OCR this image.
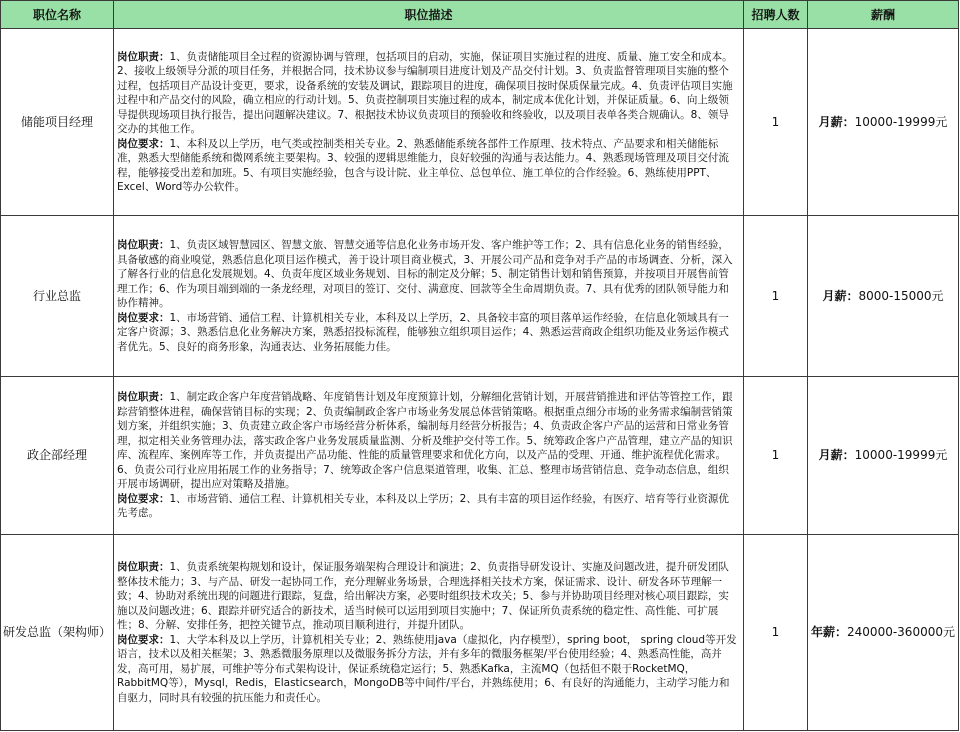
职位名称	职位描述	招聘人数	薪酬
储能项目经理	岗位职责：1、负责储能项目全过程的资源协调与管理，包括项目的启动，实施，保证项目实施过程的进度、质量、施工安全和成本。2、接收上级领导分派的项目任务，并根据合同，技术协议参与编制项目进度计划及产品交付计划。3、负责监督管理项目实施的整个过程，包括项目产品设计变更，要求，设备系统的安装及调试，跟踪项目的进度，确保项目按时保质保量完成。4、负责评估项目实施过程中和产品交付的风险，确立相应的行动计划。5、负责控制项目实施过程的成本，制定成本优化计划，并保证质量。6、向上级领导提供现场项目执行报告，提出问题解决建议。7、根据技术协议负责项目的预验收和终验收，以及项目表单各类合规确认。8、领导交办的其他工作。
岗位要求：1、本科及以上学历，电气类或控制类相关专业。2、熟悉储能系统各部件工作原理、技术特点、产品要求和相关储能标准，熟悉大型储能系统和微网系统主要架构。3、较强的逻辑思维能力，良好较强的沟通与表达能力。4、熟悉现场管理及项目交付流程，能够接受出差和加班。5、有项目实施经验，包含与设计院、业主单位、总包单位、施工单位的合作经验。6、熟练使用PPT、Excel、Word等办公软件。	1	月薪：10000-19999元
行业总监	岗位职责：1、负责区域智慧园区、智慧文旅、智慧交通等信息化业务市场开发、客户维护等工作；2、具有信息化业务的销售经验，具备敏感的商业嗅觉，熟悉信息化项目运作模式，善于设计项目商业模式，3、开展公司产品和竞争对手产品的市场调查、分析，深入了解各行业的信息化发展规划。4、负责年度区域业务规划、目标的制定及分解；5、制定销售计划和销售预算，并按项目开展售前管理工作；6、作为项目端到端的一条龙经理，对项目的签订、交付、满意度、回款等全生命周期负责。7、具有优秀的团队领导能力和协作精神。
岗位要求：1、市场营销、通信工程、计算机相关专业，本科及以上学历，2、具备较丰富的项目落单运作经验，在信息化领域具有一定客户资源；3、熟悉信息化业务解决方案，熟悉招投标流程，能够独立组织项目运作；4、熟悉运营商政企组织功能及业务运作模式者优先。5、良好的商务形象，沟通表达、业务拓展能力佳。	1	月薪：8000-15000元
政企部经理	岗位职责：1、制定政企客户年度营销战略、年度销售计划及年度预算计划，分解细化营销计划，开展营销推进和评估等管控工作，跟踪营销整体进程，确保营销目标的实现；2、负责编制政企客户市场业务发展总体营销策略。根据重点细分市场的业务需求编制营销策划方案，并组织实施；3、负责建立政企客户市场经营分析体系，编制每月经营分析报告；4、负责政企客户产品的运营和日常业务管理，拟定相关业务管理办法，落实政企客户业务发展质量监测、分析及维护交付等工作。5、统筹政企客户产品管理，建立产品的知识库、流程库、案例库等工作，并负责提出产品功能、性能的质量管理要求和优化方向，以及产品的受理、开通、维护流程优化需求。6、负责公司行业应用拓展工作的业务指导；7、统筹政企客户信息渠道管理，收集、汇总、整理市场营销信息、竞争动态信息，组织开展市场调研，提出应对策略及措施。
岗位要求：1、市场营销、通信工程、计算机相关专业，本科及以上学历；2、具有丰富的项目运作经验，有医疗、培育等行业资源优先考虑。	1	月薪：10000-19999元
研发总监（架构师）	岗位职责：1、负责系统架构规划和设计，保证服务端架构合理设计和演进；2、负责指导研发设计、实施及问题改进，提升研发团队整体技术能力；3、与产品、研发一起协同工作，充分理解业务场景，合理选择相关技术方案，保证需求、设计、研发各环节理解一致；4、协助对系统出现的问题进行跟踪，复盘，给出解决方案，必要时组织技术攻关；5、参与并协助项目经理对核心项目跟踪，实施以及问题改进；6、跟踪并研究适合的新技术，适当时候可以运用到项目实施中；7、保证所负责系统的稳定性、高性能、可扩展性；8、分解、安排任务，把控关键节点，推动项目顺利进行，并提升团队。
岗位要求：1、大学本科及以上学历，计算机相关专业；2、熟练使用java（虚拟化，内存模型），spring boot， spring cloud等开发语言，技术以及相关框架；3、熟悉微服务原理以及微服务拆分方法，并有多年的微服务框架/平台使用经验；4、熟悉高性能，高并发，高可用，易扩展，可维护等分布式架构设计，保证系统稳定运行；5、熟悉Kafka，主流MQ（包括但不限于RocketMQ，RabbitMQ等），Mysql，Redis，Elasticsearch，MongoDB等中间件/平台，并熟练使用；6、有良好的沟通能力，主动学习能力和自驱力，同时具有较强的抗压能力和责任心。	1	年薪：240000-360000元
